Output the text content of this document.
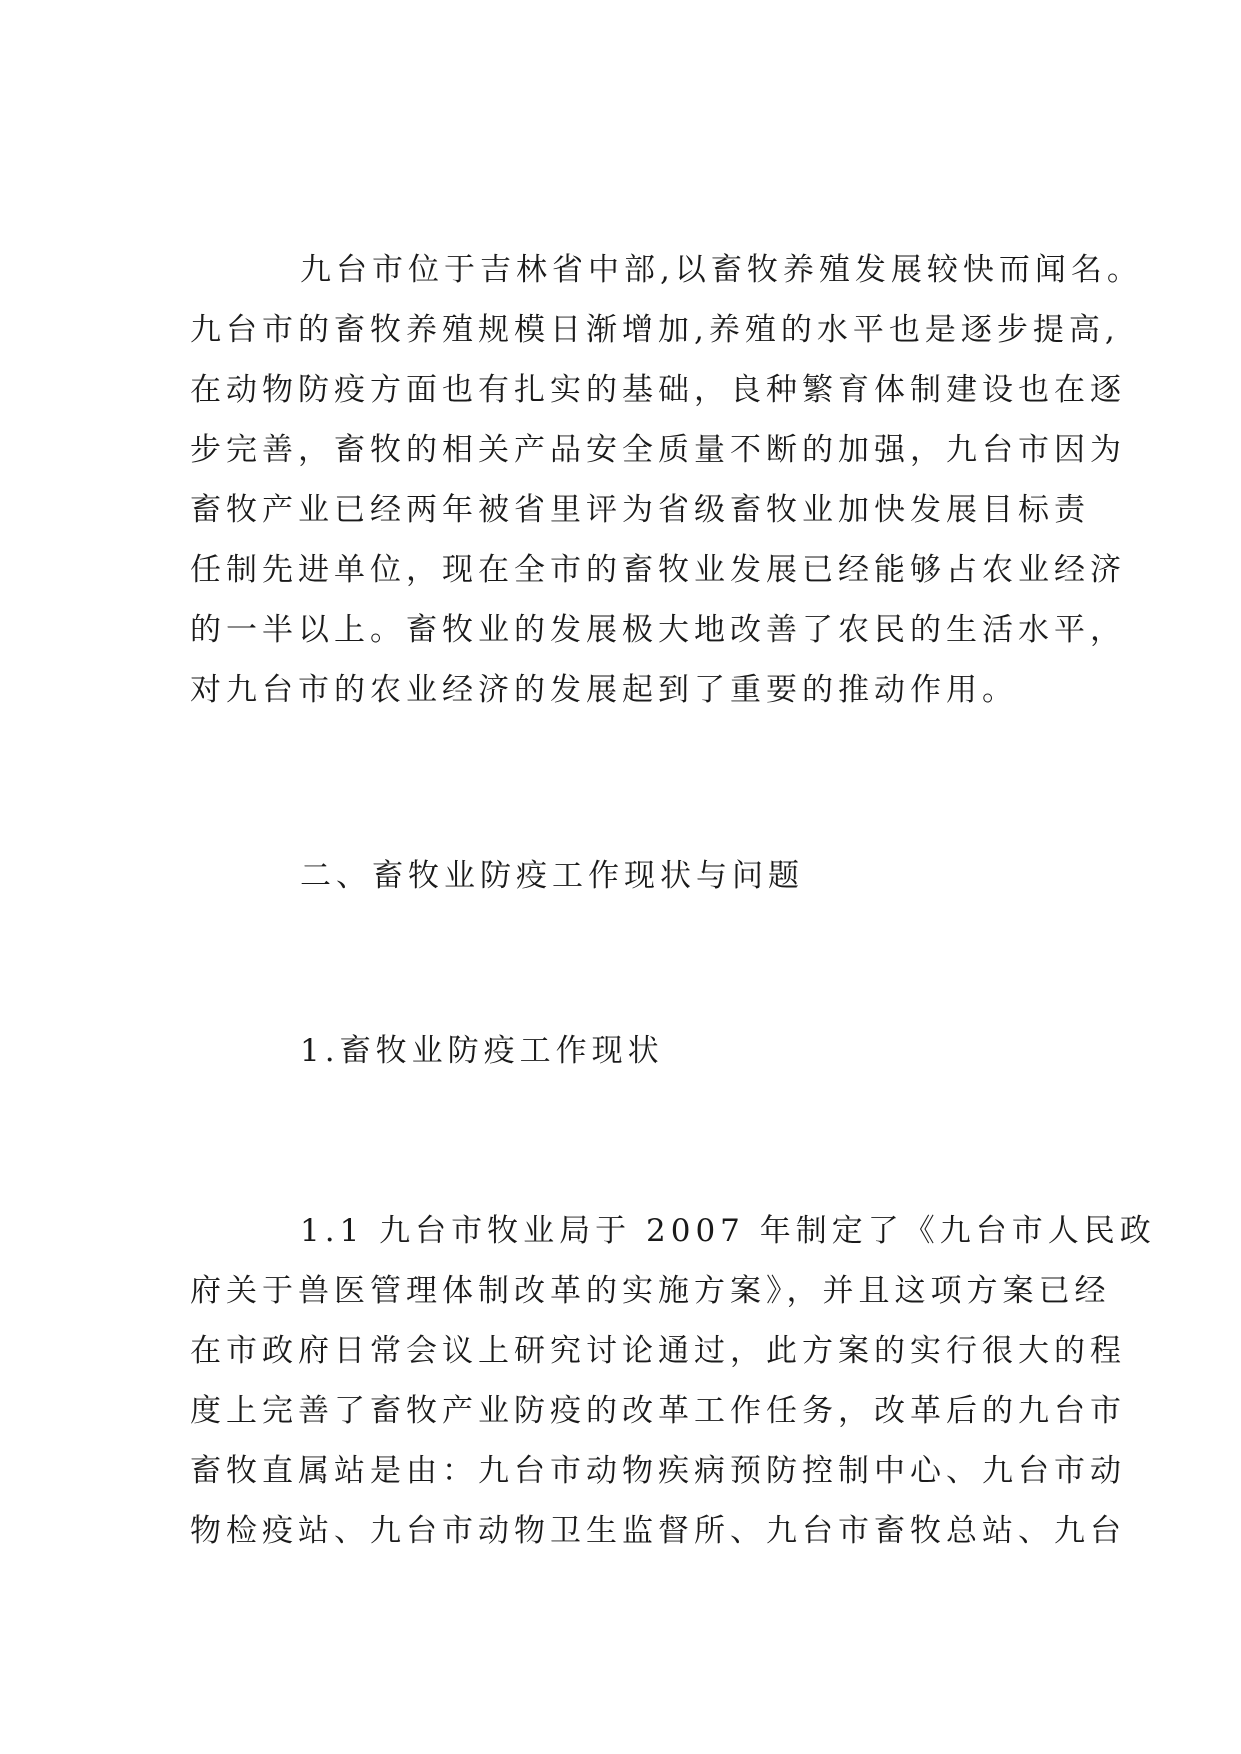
九台市位于吉林省中部,以畜牧养殖发展较快而闻名。
九台市的畜牧养殖规模日渐增加,养殖的水平也是逐步提高,
在动物防疫方面也有扎实的基础，良种繁育体制建设也在逐
步完善，畜牧的相关产品安全质量不断的加强，九台市因为
畜牧产业已经两年被省里评为省级畜牧业加快发展目标责
任制先进单位，现在全市的畜牧业发展已经能够占农业经济
的一半以上。畜牧业的发展极大地改善了农民的生活水平，
对九台市的农业经济的发展起到了重要的推动作用。
二、畜牧业防疫工作现状与问题
1.畜牧业防疫工作现状
1.1 九台市牧业局于 2007 年制定了《九台市人民政
府关于兽医管理体制改革的实施方案》，并且这项方案已经
在市政府日常会议上研究讨论通过，此方案的实行很大的程
度上完善了畜牧产业防疫的改革工作任务，改革后的九台市
畜牧直属站是由：九台市动物疾病预防控制中心、九台市动
物检疫站、九台市动物卫生监督所、九台市畜牧总站、九台
